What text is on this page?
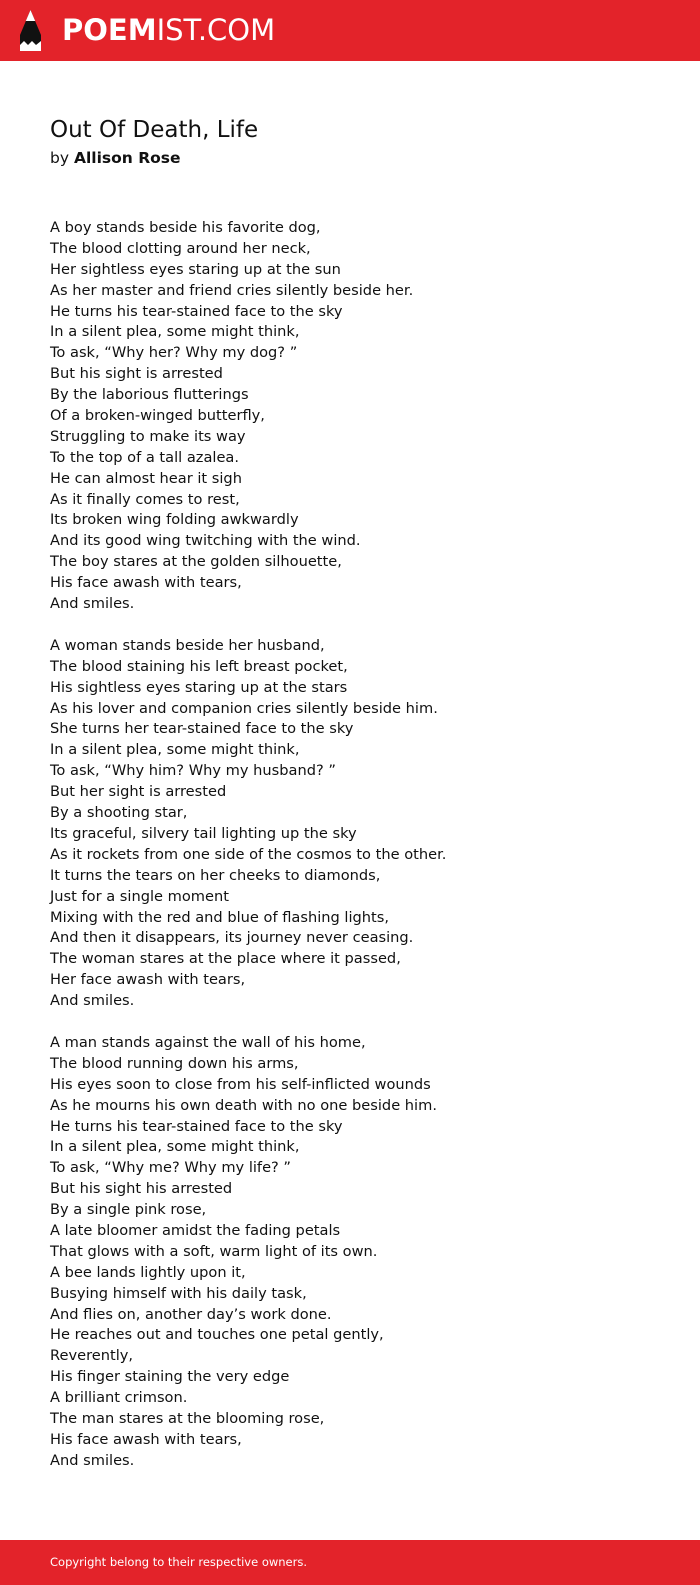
POEMIST.COM
Out Of Death, Life
by Allison Rose
A boy stands beside his favorite dog,
The blood clotting around her neck,
Her sightless eyes staring up at the sun
As her master and friend cries silently beside her.
He turns his tear-stained face to the sky
In a silent plea, some might think,
To ask, “Why her? Why my dog? ”
But his sight is arrested
By the laborious flutterings
Of a broken-winged butterfly,
Struggling to make its way
To the top of a tall azalea.
He can almost hear it sigh
As it finally comes to rest,
Its broken wing folding awkwardly
And its good wing twitching with the wind.
The boy stares at the golden silhouette,
His face awash with tears,
And smiles.
A woman stands beside her husband,
The blood staining his left breast pocket,
His sightless eyes staring up at the stars
As his lover and companion cries silently beside him.
She turns her tear-stained face to the sky
In a silent plea, some might think,
To ask, “Why him? Why my husband? ”
But her sight is arrested
By a shooting star,
Its graceful, silvery tail lighting up the sky
As it rockets from one side of the cosmos to the other.
It turns the tears on her cheeks to diamonds,
Just for a single moment
Mixing with the red and blue of flashing lights,
And then it disappears, its journey never ceasing.
The woman stares at the place where it passed,
Her face awash with tears,
And smiles.
A man stands against the wall of his home,
The blood running down his arms,
His eyes soon to close from his self-inflicted wounds
As he mourns his own death with no one beside him.
He turns his tear-stained face to the sky
In a silent plea, some might think,
To ask, “Why me? Why my life? ”
But his sight his arrested
By a single pink rose,
A late bloomer amidst the fading petals
That glows with a soft, warm light of its own.
A bee lands lightly upon it,
Busying himself with his daily task,
And flies on, another day’s work done.
He reaches out and touches one petal gently,
Reverently,
His finger staining the very edge
A brilliant crimson.
The man stares at the blooming rose,
His face awash with tears,
And smiles.
Copyright belong to their respective owners.
